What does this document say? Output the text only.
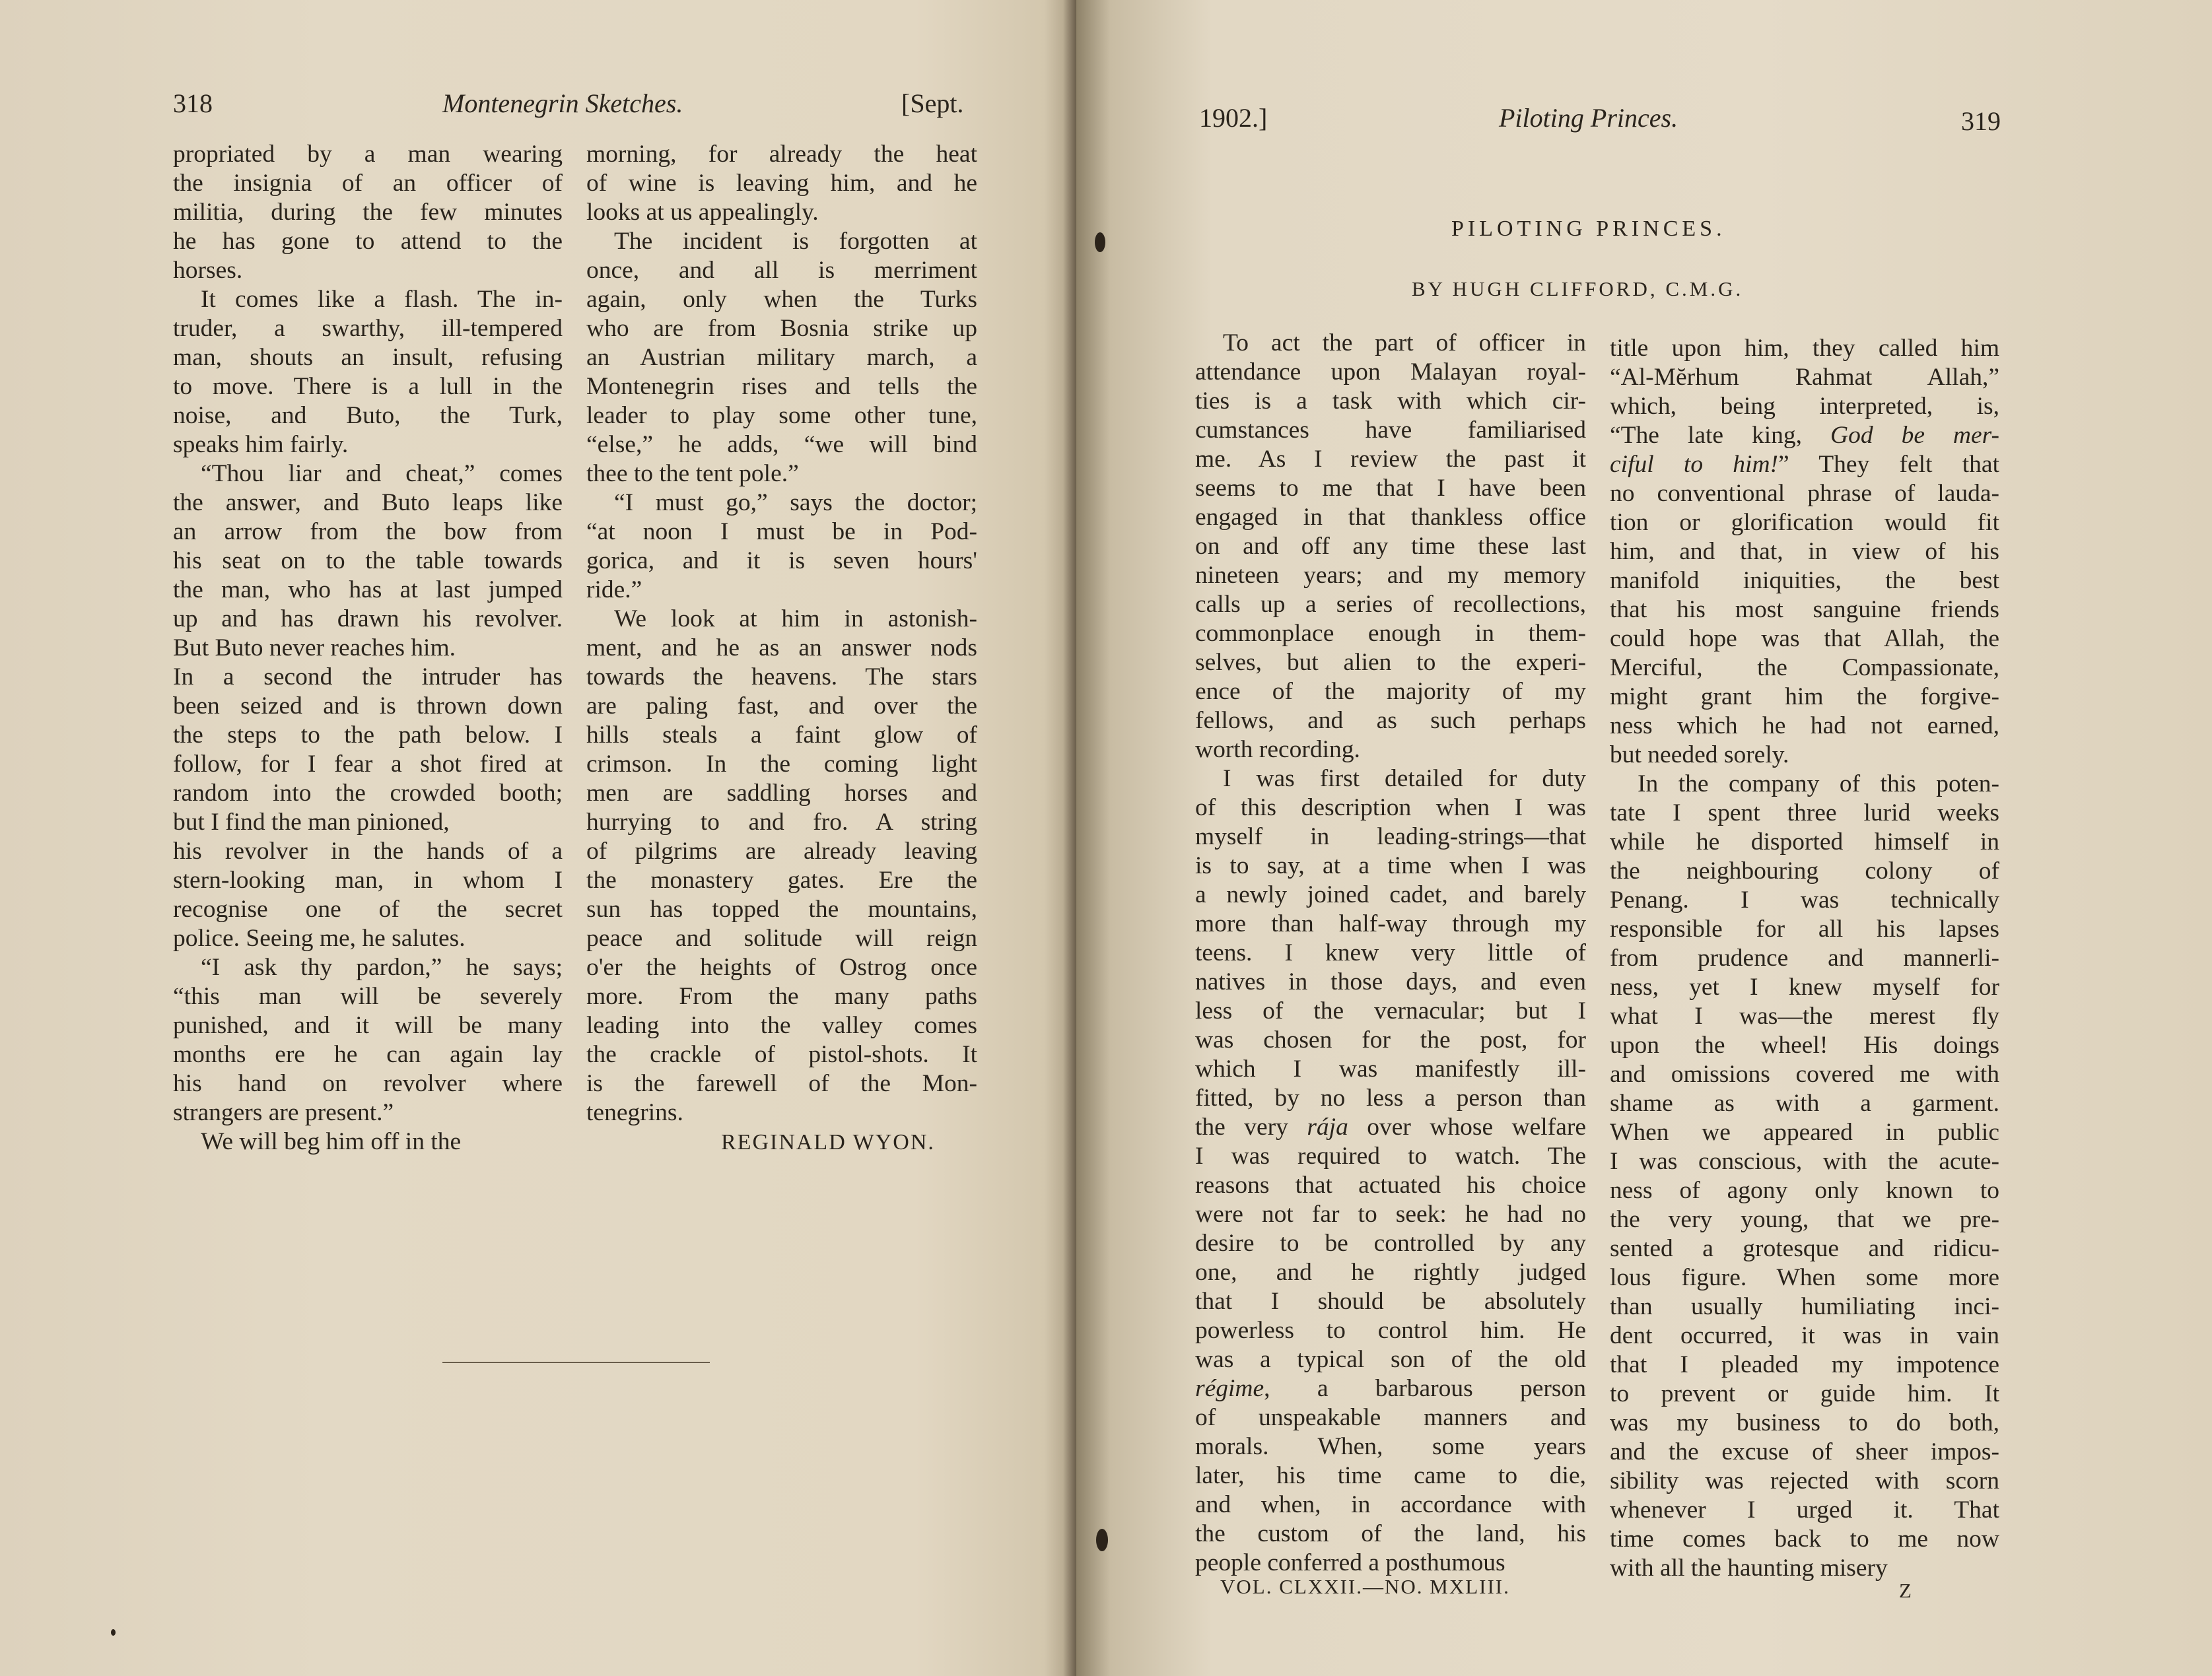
318	Montenegrin Sketches.	[Sept.
propriated by a man wearing
the insignia of an officer of
militia, during the few minutes
he has gone to attend to the
horses.
It comes like a flash. The in-
truder, a swarthy, ill-tempered
man, shouts an insult, refusing
to move. There is a lull in the
noise, and Buto, the Turk,
speaks him fairly.
“Thou liar and cheat,” comes
the answer, and Buto leaps like
an arrow from the bow from
his seat on to the table towards
the man, who has at last jumped
up and has drawn his revolver.
But Buto never reaches him.
In a second the intruder has
been seized and is thrown down
the steps to the path below. I
follow, for I fear a shot fired at
random into the crowded booth;
but I find the man pinioned,
his revolver in the hands of a
stern-looking man, in whom I
recognise one of the secret
police. Seeing me, he salutes.
“I ask thy pardon,” he says;
“this man will be severely
punished, and it will be many
months ere he can again lay
his hand on revolver where
strangers are present.”
We will beg him off in the
morning, for already the heat
of wine is leaving him, and he
looks at us appealingly.
The incident is forgotten at
once, and all is merriment
again, only when the Turks
who are from Bosnia strike up
an Austrian military march, a
Montenegrin rises and tells the
leader to play some other tune,
“else,” he adds, “we will bind
thee to the tent pole.”
“I must go,” says the doctor;
“at noon I must be in Pod-
gorica, and it is seven hours'
ride.”
We look at him in astonish-
ment, and he as an answer nods
towards the heavens. The stars
are paling fast, and over the
hills steals a faint glow of
crimson. In the coming light
men are saddling horses and
hurrying to and fro. A string
of pilgrims are already leaving
the monastery gates. Ere the
sun has topped the mountains,
peace and solitude will reign
o'er the heights of Ostrog once
more. From the many paths
leading into the valley comes
the crackle of pistol-shots. It
is the farewell of the Mon-
tenegrins.
REGINALD WYON.
1902.]	Piloting Princes.	319
PILOTING PRINCES.
BY HUGH CLIFFORD, C.M.G.
To act the part of officer in
attendance upon Malayan royal-
ties is a task with which cir-
cumstances have familiarised
me. As I review the past it
seems to me that I have been
engaged in that thankless office
on and off any time these last
nineteen years; and my memory
calls up a series of recollections,
commonplace enough in them-
selves, but alien to the experi-
ence of the majority of my
fellows, and as such perhaps
worth recording.
I was first detailed for duty
of this description when I was
myself in leading-strings—that
is to say, at a time when I was
a newly joined cadet, and barely
more than half-way through my
teens. I knew very little of
natives in those days, and even
less of the vernacular; but I
was chosen for the post, for
which I was manifestly ill-
fitted, by no less a person than
the very rája over whose welfare
I was required to watch. The
reasons that actuated his choice
were not far to seek: he had no
desire to be controlled by any
one, and he rightly judged
that I should be absolutely
powerless to control him. He
was a typical son of the old
régime, a barbarous person
of unspeakable manners and
morals. When, some years
later, his time came to die,
and when, in accordance with
the custom of the land, his
people conferred a posthumous
title upon him, they called him
“Al-Mĕrhum Rahmat Allah,”
which, being interpreted, is,
“The late king, God be mer-
ciful to him!” They felt that
no conventional phrase of lauda-
tion or glorification would fit
him, and that, in view of his
manifold iniquities, the best
that his most sanguine friends
could hope was that Allah, the
Merciful, the Compassionate,
might grant him the forgive-
ness which he had not earned,
but needed sorely.
In the company of this poten-
tate I spent three lurid weeks
while he disported himself in
the neighbouring colony of
Penang. I was technically
responsible for all his lapses
from prudence and mannerli-
ness, yet I knew myself for
what I was—the merest fly
upon the wheel! His doings
and omissions covered me with
shame as with a garment.
When we appeared in public
I was conscious, with the acute-
ness of agony only known to
the very young, that we pre-
sented a grotesque and ridicu-
lous figure. When some more
than usually humiliating inci-
dent occurred, it was in vain
that I pleaded my impotence
to prevent or guide him. It
was my business to do both,
and the excuse of sheer impos-
sibility was rejected with scorn
whenever I urged it. That
time comes back to me now
with all the haunting misery
VOL. CLXXII.—NO. MXLIII.	Z
